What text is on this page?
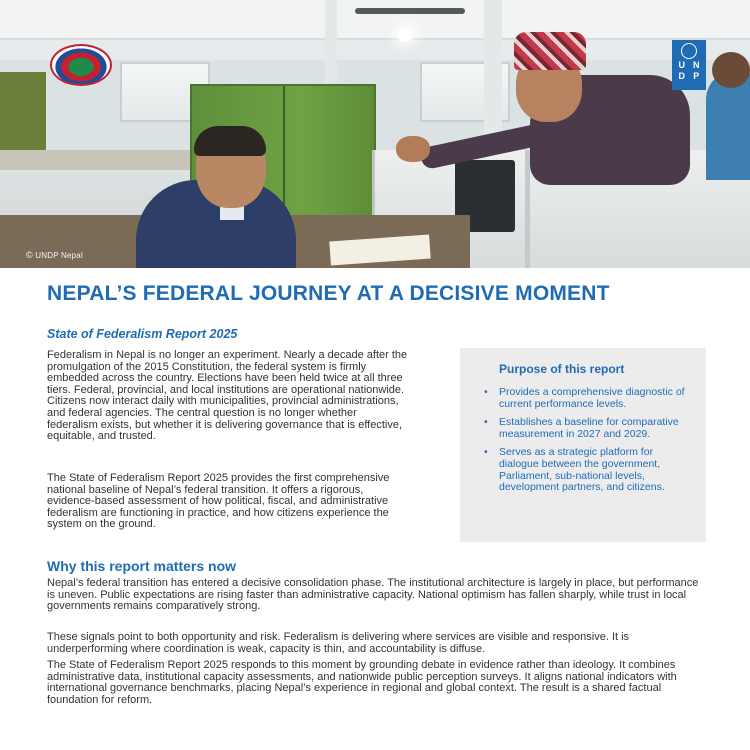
U N
D P
© UNDP Nepal
NEPAL’S FEDERAL JOURNEY AT A DECISIVE MOMENT
State of Federalism Report 2025

Federalism in Nepal is no longer an experiment. Nearly a decade after the promulgation of the 2015 Constitution, the federal system is firmly embedded across the country. Elections have been held twice at all three tiers. Federal, provincial, and local institutions are operational nationwide. Citizens now interact daily with municipalities, provincial administrations, and federal agencies. The central question is no longer whether federalism exists, but whether it is delivering governance that is effective, equitable, and trusted.

The State of Federalism Report 2025 provides the first comprehensive national baseline of Nepal’s federal transition. It offers a rigorous, evidence-based assessment of how political, fiscal, and administrative federalism are functioning in practice, and how citizens experience the system on the ground.

Purpose of this report
• Provides a comprehensive diagnostic of current performance levels.
• Establishes a baseline for comparative measurement in 2027 and 2029.
• Serves as a strategic platform for dialogue between the government, Parliament, sub-national levels, development partners, and citizens.
Why this report matters now

Nepal’s federal transition has entered a decisive consolidation phase. The institutional architecture is largely in place, but performance is uneven. Public expectations are rising faster than administrative capacity. National optimism has fallen sharply, while trust in local governments remains comparatively strong.

These signals point to both opportunity and risk. Federalism is delivering where services are visible and responsive. It is underperforming where coordination is weak, capacity is thin, and accountability is diffuse.

The State of Federalism Report 2025 responds to this moment by grounding debate in evidence rather than ideology. It combines administrative data, institutional capacity assessments, and nationwide public perception surveys. It aligns national indicators with international governance benchmarks, placing Nepal’s experience in regional and global context. The result is a shared factual foundation for reform.
